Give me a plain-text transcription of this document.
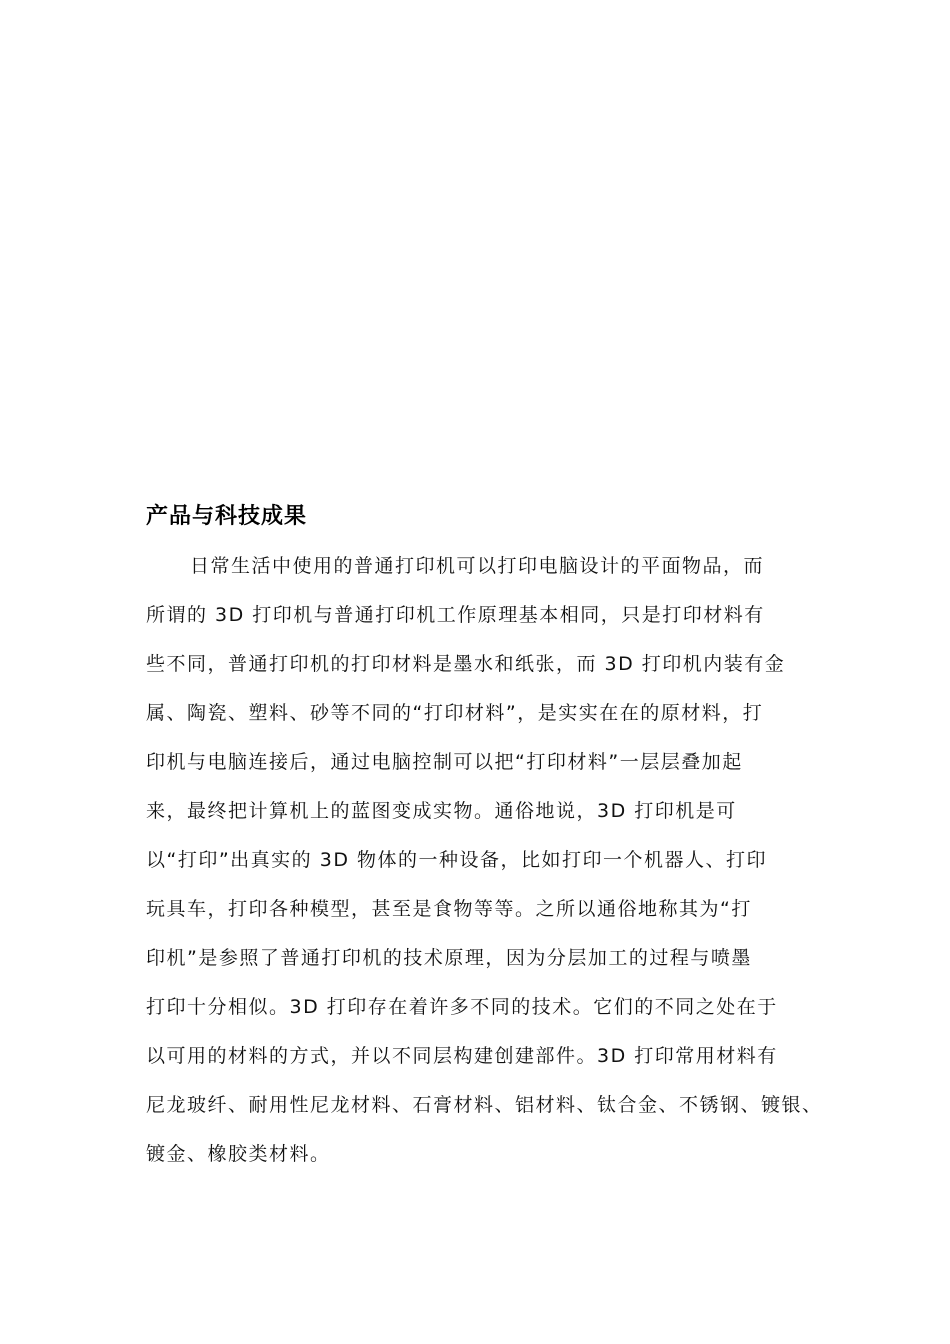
产品与科技成果
日常生活中使用的普通打印机可以打印电脑设计的平面物品，而
所谓的 3D 打印机与普通打印机工作原理基本相同，只是打印材料有
些不同，普通打印机的打印材料是墨水和纸张，而 3D 打印机内装有金
属、陶瓷、塑料、砂等不同的“打印材料”，是实实在在的原材料，打
印机与电脑连接后，通过电脑控制可以把“打印材料”一层层叠加起
来，最终把计算机上的蓝图变成实物。通俗地说，3D 打印机是可
以“打印”出真实的 3D 物体的一种设备，比如打印一个机器人、打印
玩具车，打印各种模型，甚至是食物等等。之所以通俗地称其为“打
印机”是参照了普通打印机的技术原理，因为分层加工的过程与喷墨
打印十分相似。3D 打印存在着许多不同的技术。它们的不同之处在于
以可用的材料的方式，并以不同层构建创建部件。3D 打印常用材料有
尼龙玻纤、耐用性尼龙材料、石膏材料、铝材料、钛合金、不锈钢、镀银、
镀金、橡胶类材料。
